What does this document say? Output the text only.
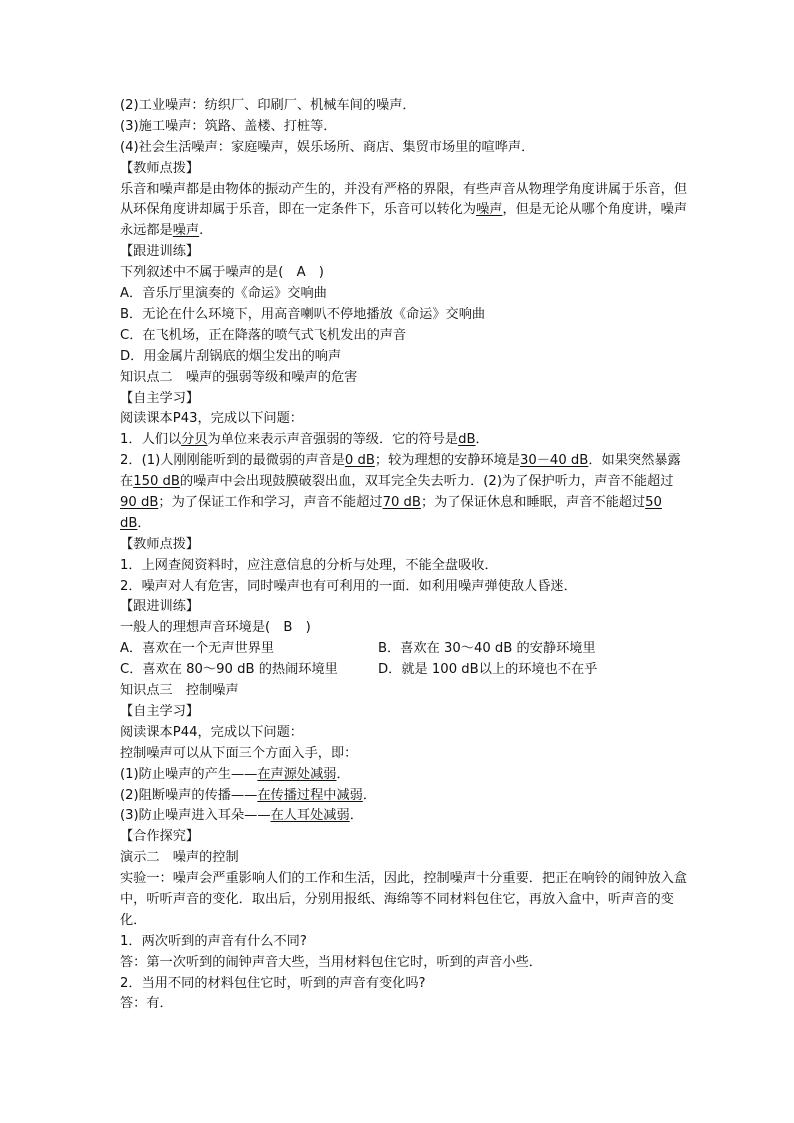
(2)工业噪声：纺织厂、印刷厂、机械车间的噪声．
(3)施工噪声：筑路、盖楼、打桩等．
(4)社会生活噪声：家庭噪声，娱乐场所、商店、集贸市场里的喧哗声．
【教师点拨】
乐音和噪声都是由物体的振动产生的，并没有严格的界限，有些声音从物理学角度讲属于乐音，但从环保角度讲却属于乐音，即在一定条件下，乐音可以转化为噪声，但是无论从哪个角度讲，噪声永远都是噪声.
【跟进训练】
下列叙述中不属于噪声的是(　A　)
A．音乐厅里演奏的《命运》交响曲
B．无论在什么环境下，用高音喇叭不停地播放《命运》交响曲
C．在飞机场，正在降落的喷气式飞机发出的声音
D．用金属片刮锅底的烟尘发出的响声
知识点二　噪声的强弱等级和噪声的危害
【自主学习】
阅读课本P43，完成以下问题：
1．人们以分贝为单位来表示声音强弱的等级．它的符号是dB．
2．(1)人刚刚能听到的最微弱的声音是0 dB；较为理想的安静环境是30－40 dB．如果突然暴露在150 dB的噪声中会出现鼓膜破裂出血，双耳完全失去听力．(2)为了保护听力，声音不能超过90 dB；为了保证工作和学习，声音不能超过70 dB；为了保证休息和睡眠，声音不能超过50 dB．
【教师点拨】
1．上网查阅资料时，应注意信息的分析与处理，不能全盘吸收．
2．噪声对人有危害，同时噪声也有可利用的一面．如利用噪声弹使敌人昏迷．
【跟进训练】
一般人的理想声音环境是(　B　)
A．喜欢在一个无声世界里	B．喜欢在 30～40 dB 的安静环境里
C．喜欢在 80～90 dB 的热闹环境里	D．就是 100 dB以上的环境也不在乎
知识点三　控制噪声
【自主学习】
阅读课本P44，完成以下问题：
控制噪声可以从下面三个方面入手，即：
(1)防止噪声的产生——在声源处减弱．
(2)阻断噪声的传播——在传播过程中减弱．
(3)防止噪声进入耳朵——在人耳处减弱．
【合作探究】
演示二　噪声的控制
实验一：噪声会严重影响人们的工作和生活，因此，控制噪声十分重要．把正在响铃的闹钟放入盒中，听听声音的变化．取出后，分别用报纸、海绵等不同材料包住它，再放入盒中，听声音的变化．
1．两次听到的声音有什么不同?
答：第一次听到的闹钟声音大些，当用材料包住它时，听到的声音小些．
2．当用不同的材料包住它时，听到的声音有变化吗?
答：有．
